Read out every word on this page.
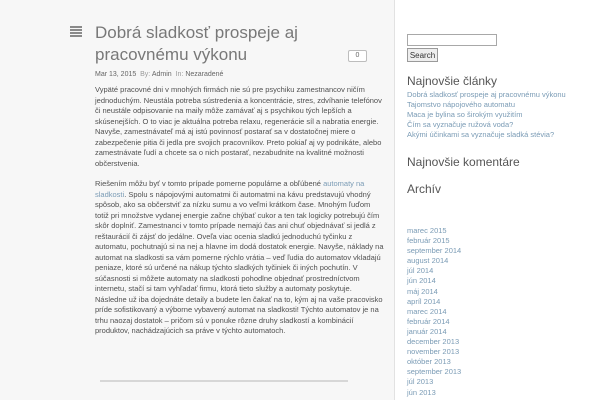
Dobrá sladkosť prospeje aj pracovnému výkonu	0
Mar 13, 2015 By: Admin In: Nezaradené

Vypäté pracovné dni v mnohých firmách nie sú pre psychiku zamestnancov ničím jednoduchým. Neustála potreba sústredenia a koncentrácie, stres, zdvíhanie telefónov či neustále odpisovanie na maily môže zamávať aj s psychikou tých lepších a skúsenejších. O to viac je aktuálna potreba relaxu, regenerácie síl a nabratia energie. Navyše, zamestnávateľ má aj istú povinnosť postarať sa v dostatočnej miere o zabezpečenie pitia či jedla pre svojich pracovníkov. Preto pokiaľ aj vy podnikáte, alebo zamestnávate ľudí a chcete sa o nich postarať, nezabudnite na kvalitné možnosti občerstvenia.

Riešením môžu byť v tomto prípade pomerne populárne a obľúbené automaty na sladkosti. Spolu s nápojovými automatmi či automatmi na kávu predstavujú vhodný spôsob, ako sa občerstviť za nízku sumu a vo veľmi krátkom čase. Mnohým ľuďom totiž pri množstve vydanej energie začne chýbať cukor a ten tak logicky potrebujú čím skôr doplniť. Zamestnanci v tomto prípade nemajú čas ani chuť objednávať si jedlá z reštaurácií či zájsť do jedálne. Oveľa viac ocenia sladkú jednoduchú tyčinku z automatu, pochutnajú si na nej a hlavne im dodá dostatok energie. Navyše, náklady na automat na sladkosti sa vám pomerne rýchlo vrátia – veď ľudia do automatov vkladajú peniaze, ktoré sú určené na nákup týchto sladkých tyčiniek či iných pochutín. V súčasnosti si môžete automaty na sladkosti pohodlne objednať prostredníctvom internetu, stačí si tam vyhľadať firmu, ktorá tieto služby a automaty poskytuje. Následne už iba dojednáte detaily a budete len čakať na to, kým aj na vaše pracovisko príde sofistikovaný a výborne vybavený automat na sladkosti! Týchto automatov je na trhu naozaj dostatok – pričom sú v ponuke rôzne druhy sladkostí a kombinácií produktov, nachádzajúcich sa práve v týchto automatoch.

Search
Najnovšie články
Dobrá sladkosť prospeje aj pracovnému výkonu
Tajomstvo nápojového automatu
Maca je bylina so širokým využitím
Čím sa vyznačuje ružová voda?
Akými účinkami sa vyznačuje sladká stévia?
Najnovšie komentáre
Archív
marec 2015
február 2015
september 2014
august 2014
júl 2014
jún 2014
máj 2014
apríl 2014
marec 2014
február 2014
január 2014
december 2013
november 2013
október 2013
september 2013
júl 2013
jún 2013
